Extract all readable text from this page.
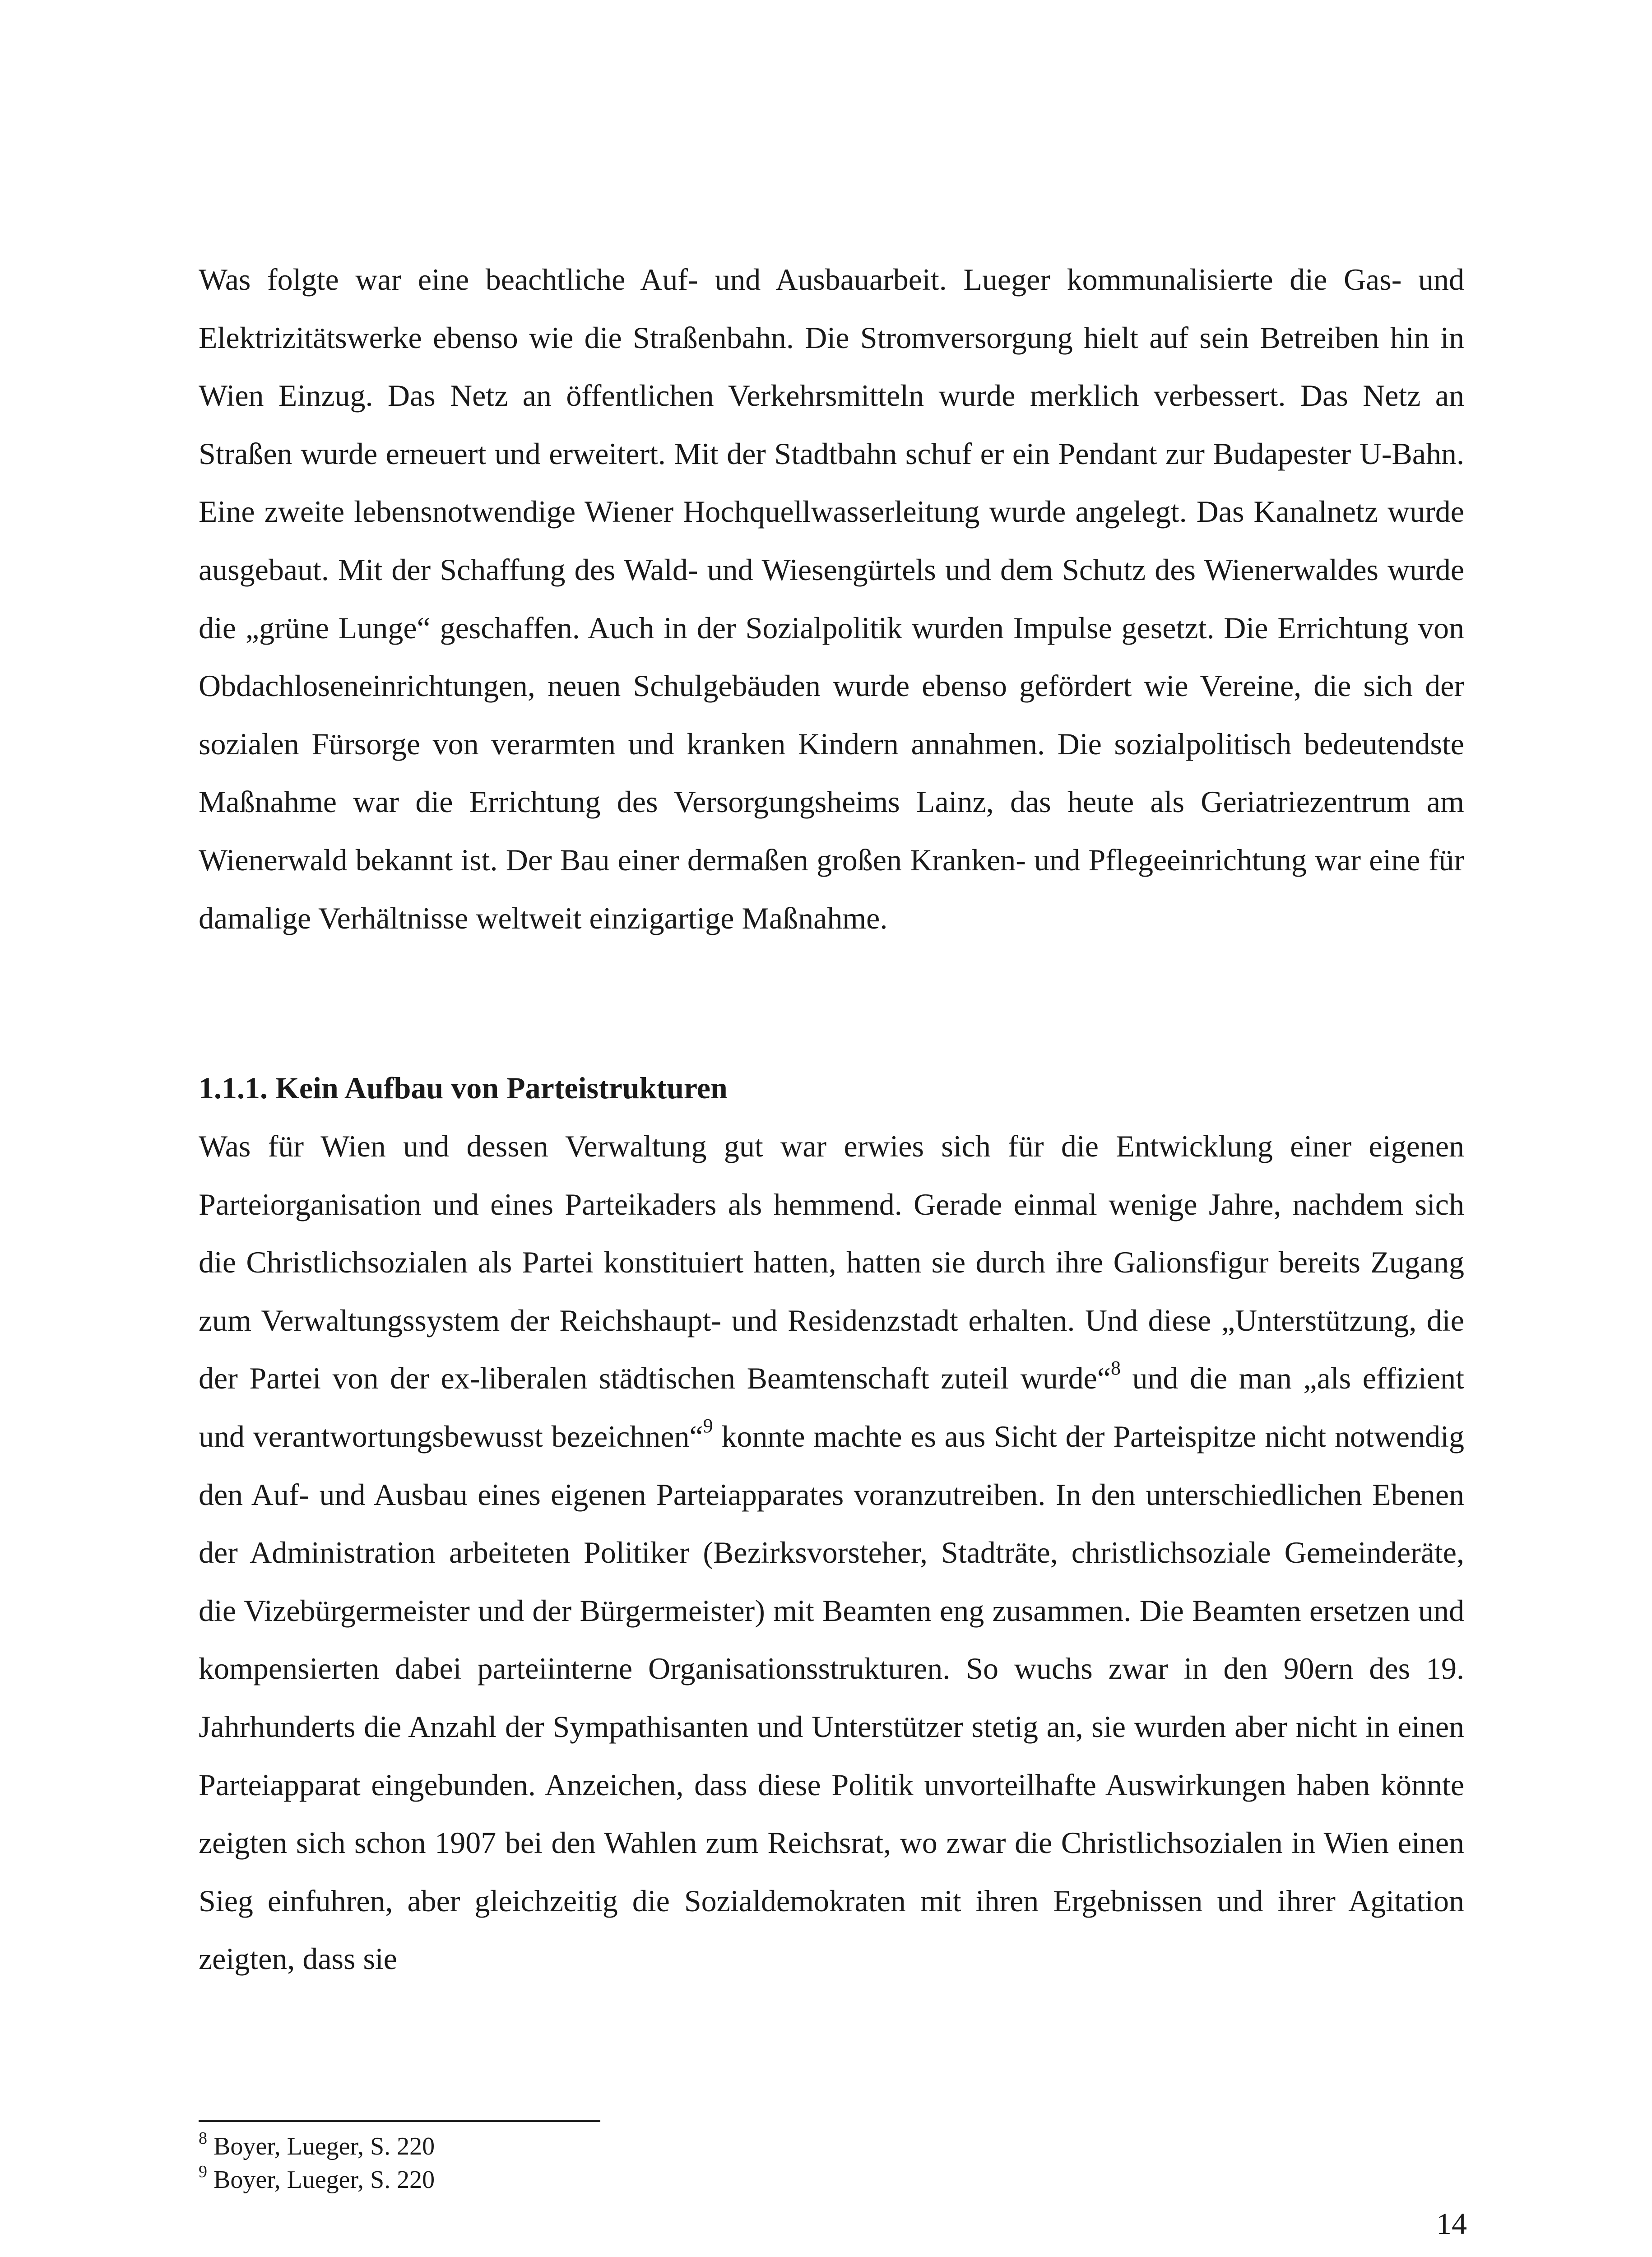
Was folgte war eine beachtliche Auf- und Ausbauarbeit. Lueger kommunalisierte die Gas- und Elektrizitätswerke ebenso wie die Straßenbahn. Die Stromversorgung hielt auf sein Betreiben hin in Wien Einzug. Das Netz an öffentlichen Verkehrsmitteln wurde merklich verbessert. Das Netz an Straßen wurde erneuert und erweitert. Mit der Stadtbahn schuf er ein Pendant zur Budapester U-Bahn. Eine zweite lebensnotwendige Wiener Hochquellwasserleitung wurde angelegt. Das Kanalnetz wurde ausgebaut. Mit der Schaffung des Wald- und Wiesengürtels und dem Schutz des Wienerwaldes wurde die „grüne Lunge“ geschaffen. Auch in der Sozialpolitik wurden Impulse gesetzt. Die Errichtung von Obdachloseneinrichtungen, neuen Schulgebäuden wurde ebenso gefördert wie Vereine, die sich der sozialen Fürsorge von verarmten und kranken Kindern annahmen. Die sozialpolitisch bedeutendste Maßnahme war die Errichtung des Versorgungsheims Lainz, das heute als Geriatriezentrum am Wienerwald bekannt ist. Der Bau einer dermaßen großen Kranken- und Pflegeeinrichtung war eine für damalige Verhältnisse weltweit einzigartige Maßnahme.

1.1.1. Kein Aufbau von Parteistrukturen

Was für Wien und dessen Verwaltung gut war erwies sich für die Entwicklung einer eigenen Parteiorganisation und eines Parteikaders als hemmend. Gerade einmal wenige Jahre, nachdem sich die Christlichsozialen als Partei konstituiert hatten, hatten sie durch ihre Galionsfigur bereits Zugang zum Verwaltungssystem der Reichshaupt- und Residenzstadt erhalten. Und diese „Unterstützung, die der Partei von der ex-liberalen städtischen Beamtenschaft zuteil wurde“$^8$ und die man „als effizient und verantwortungsbewusst bezeichnen“$^9$ konnte machte es aus Sicht der Parteispitze nicht notwendig den Auf- und Ausbau eines eigenen Parteiapparates voranzutreiben. In den unterschiedlichen Ebenen der Administration arbeiteten Politiker (Bezirksvorsteher, Stadträte, christlichsoziale Gemeinderäte, die Vizebürgermeister und der Bürgermeister) mit Beamten eng zusammen. Die Beamten ersetzen und kompensierten dabei parteiinterne Organisationsstrukturen. So wuchs zwar in den 90ern des 19. Jahrhunderts die Anzahl der Sympathisanten und Unterstützer stetig an, sie wurden aber nicht in einen Parteiapparat eingebunden. Anzeichen, dass diese Politik unvorteilhafte Auswirkungen haben könnte zeigten sich schon 1907 bei den Wahlen zum Reichsrat, wo zwar die Christlichsozialen in Wien einen Sieg einfuhren, aber gleichzeitig die Sozialdemokraten mit ihren Ergebnissen und ihrer Agitation zeigten, dass sie

$^8$ Boyer, Lueger, S. 220
$^9$ Boyer, Lueger, S. 220
14
